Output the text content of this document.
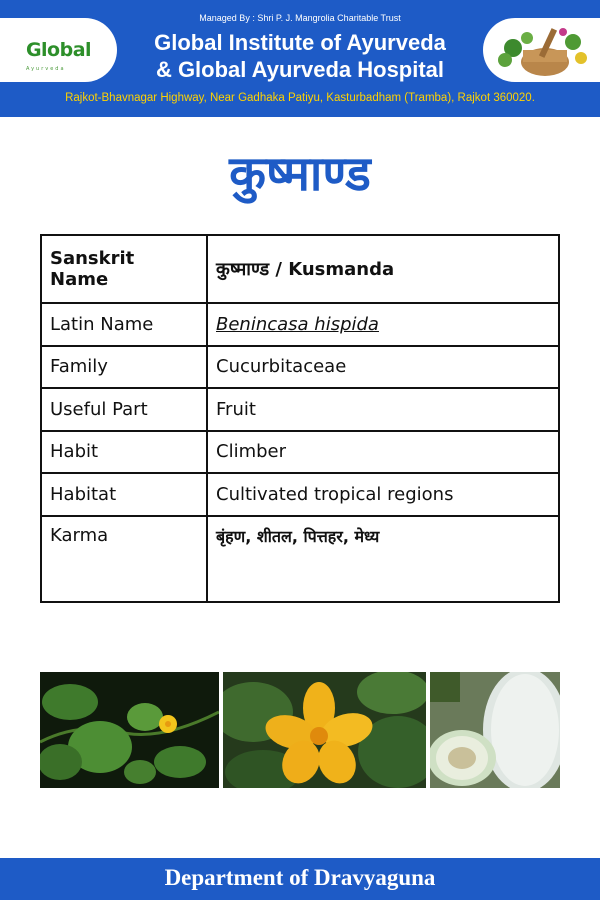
Global
Ayurveda
Managed By : Shri P. J. Mangrolia Charitable Trust
Global Institute of Ayurveda
& Global Ayurveda Hospital
Rajkot-Bhavnagar Highway, Near Gadhaka Patiyu, Kasturbadham (Tramba), Rajkot 360020.
कुष्माण्ड
Sanskrit Name	कुष्माण्ड / Kusmanda
Latin Name	Benincasa hispida
Family	Cucurbitaceae
Useful Part	Fruit
Habit	Climber
Habitat	Cultivated tropical regions
Karma	बृंहण, शीतल, पित्तहर, मेध्य
Department of Dravyaguna
